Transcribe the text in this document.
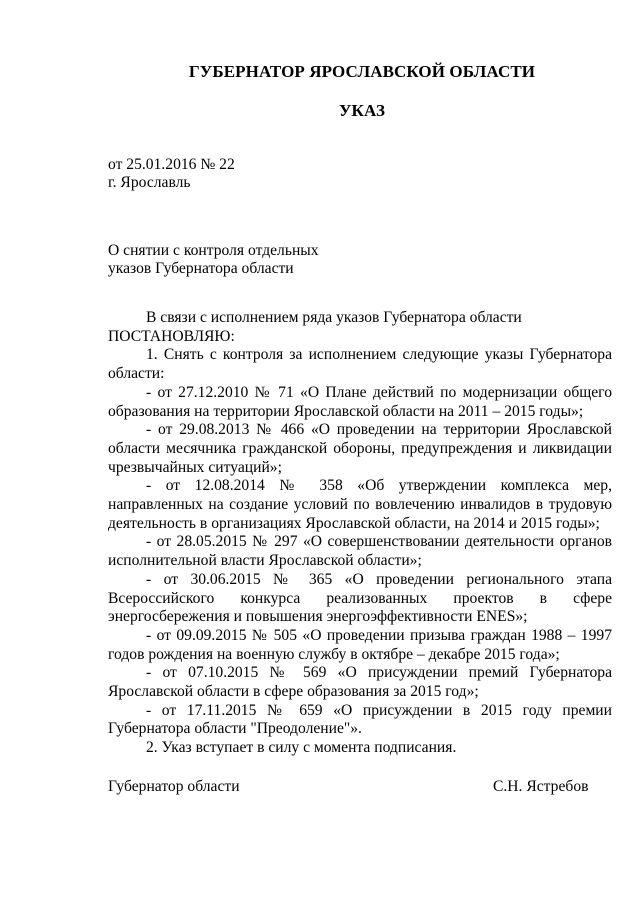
ГУБЕРНАТОР ЯРОСЛАВСКОЙ ОБЛАСТИ
УКАЗ
от 25.01.2016 № 22
г. Ярославль
О снятии с контроля отдельных
указов Губернатора области

В связи с исполнением ряда указов Губернатора области

ПОСТАНОВЛЯЮ:

1. Снять с контроля за исполнением следующие указы Губернатора области:

- от 27.12.2010 № 71 «О Плане действий по модернизации общего образования на территории Ярославской области на 2011 – 2015 годы»;

- от 29.08.2013 № 466 «О проведении на территории Ярославской области месячника гражданской обороны, предупреждения и ликвидации чрезвычайных ситуаций»;

- от 12.08.2014 № 358 «Об утверждении комплекса мер, направленных на создание условий по вовлечению инвалидов в трудовую деятельность в организациях Ярославской области, на 2014 и 2015 годы»;

- от 28.05.2015 № 297 «О совершенствовании деятельности органов исполнительной власти Ярославской области»;

- от 30.06.2015 № 365 «О проведении регионального этапа Всероссийского конкурса реализованных проектов в сфере энергосбережения и повышения энергоэффективности ENES»;

- от 09.09.2015 № 505 «О проведении призыва граждан 1988 – 1997 годов рождения на военную службу в октябре – декабре 2015 года»;

- от 07.10.2015 № 569 «О присуждении премий Губернатора Ярославской области в сфере образования за 2015 год»;

- от 17.11.2015 № 659 «О присуждении в 2015 году премии Губернатора области "Преодоление"».

2. Указ вступает в силу с момента подписания.

Губернатор области	С.Н. Ястребов
